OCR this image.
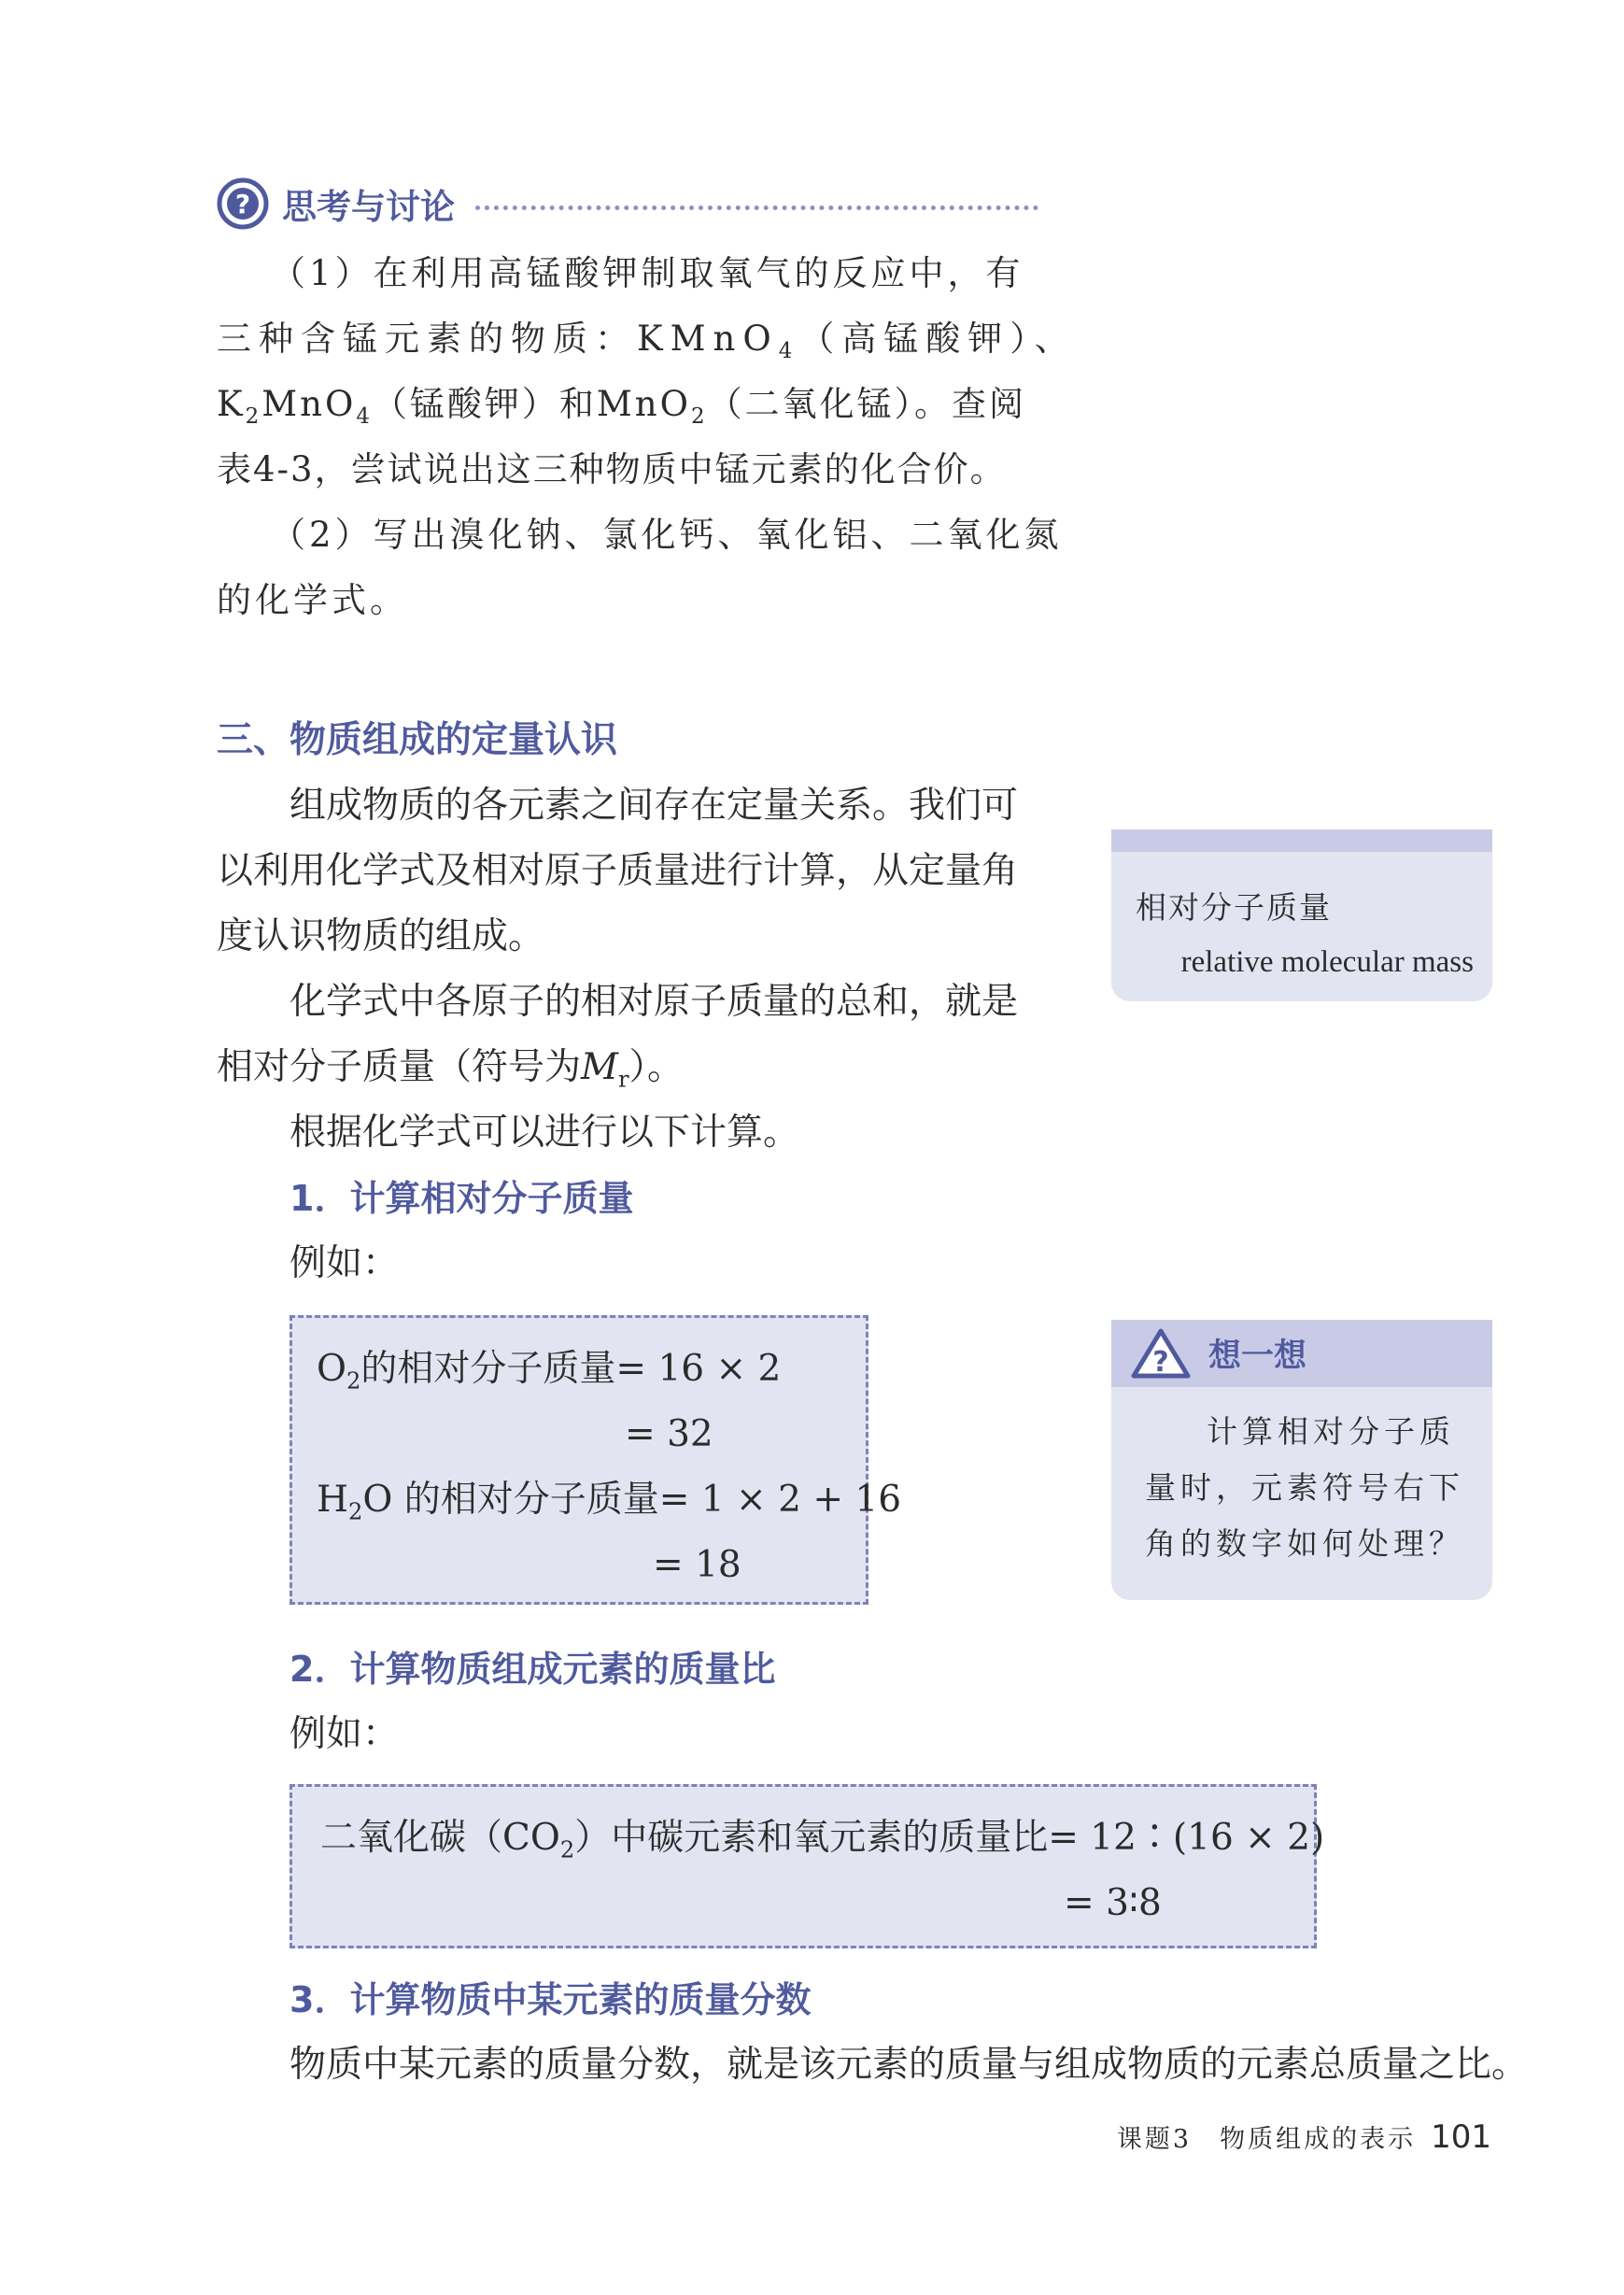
? 思考与讨论
（1）在利用高锰酸钾制取氧气的反应中，有
三种含锰元素的物质：KMnO$_4$（高锰酸钾）、
$K_2MnO_4$（锰酸钾）和MnO$_2$（二氧化锰）。查阅
表4-3，尝试说出这三种物质中锰元素的化合价。
（2）写出溴化钠、氯化钙、氧化铝、二氧化氮
的化学式。
三、物质组成的定量认识
组成物质的各元素之间存在定量关系。我们可
以利用化学式及相对原子质量进行计算，从定量角
度认识物质的组成。
化学式中各原子的相对原子质量的总和，就是
相对分子质量（符号为$M_r$）。
根据化学式可以进行以下计算。
1．计算相对分子质量
例如：
$O_2$的相对分子质量= 16 × 2
= 32
$H_2O$ 的相对分子质量= 1 × 2 + 16
= 18
2．计算物质组成元素的质量比
例如：
二氧化碳$(CO_2)$中碳元素和氧元素的质量比= 12∶(16 × 2)
= 3∶8
3．计算物质中某元素的质量分数
物质中某元素的质量分数，就是该元素的质量与组成物质的元素总质量之比。
相对分子质量
relative molecular mass
? 想一想
计算相对分子质
量时，元素符号右下
角的数字如何处理？
课题3　物质组成的表示 101
